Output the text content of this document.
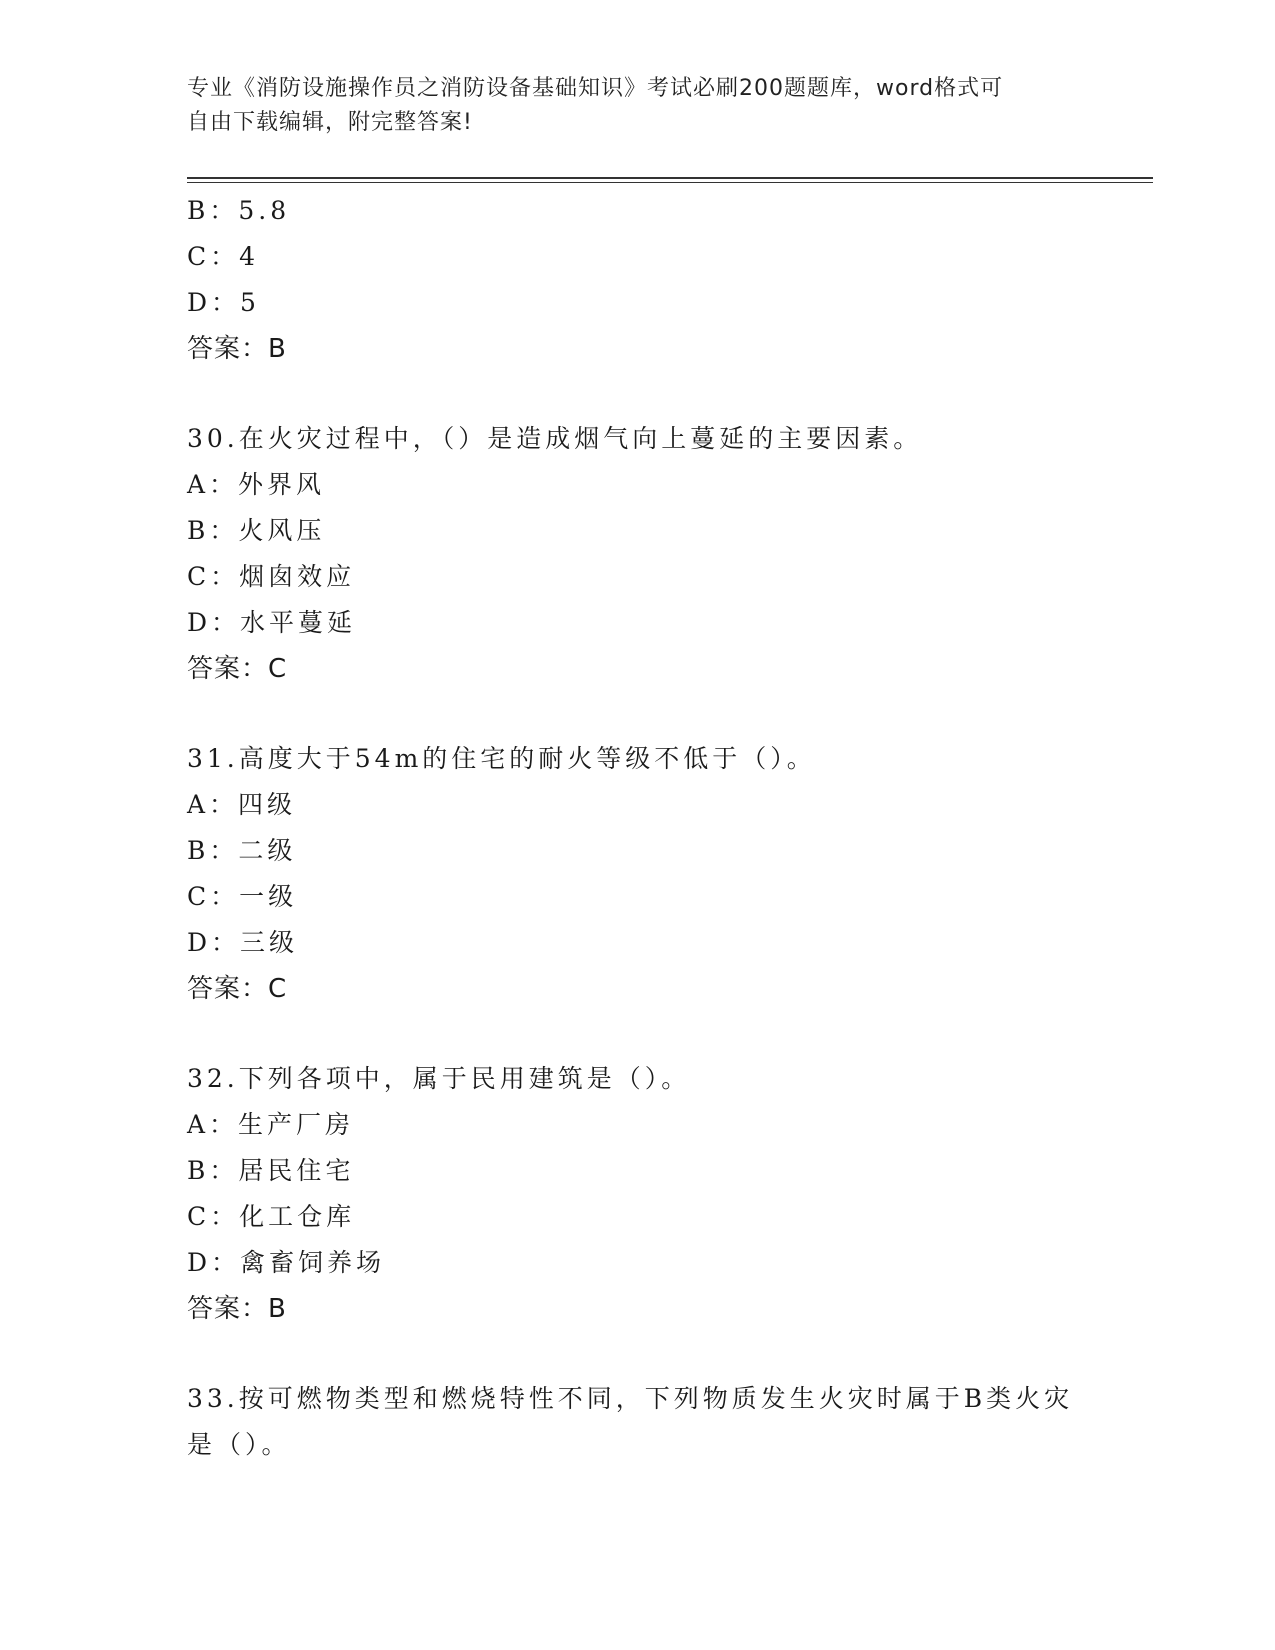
专业《消防设施操作员之消防设备基础知识》考试必刷200题题库，word格式可
自由下载编辑，附完整答案!
B：5.8
C：4
D：5
答案：B
30.在火灾过程中，（）是造成烟气向上蔓延的主要因素。
A：外界风
B：火风压
C：烟囱效应
D：水平蔓延
答案：C
31.高度大于54m的住宅的耐火等级不低于（）。
A：四级
B：二级
C：一级
D：三级
答案：C
32.下列各项中，属于民用建筑是（）。
A：生产厂房
B：居民住宅
C：化工仓库
D：禽畜饲养场
答案：B
33.按可燃物类型和燃烧特性不同，下列物质发生火灾时属于B类火灾
是（）。
